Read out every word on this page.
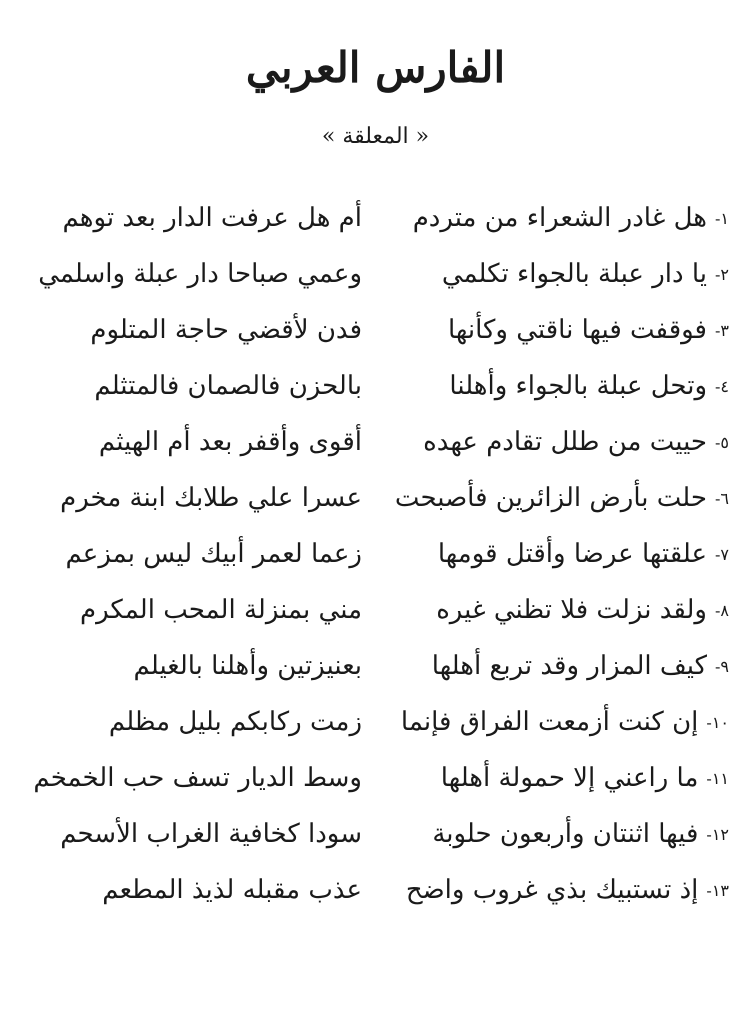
الفارس العربي
« المعلقة »
١-هل غادر الشعراء من متردم
أم هل عرفت الدار بعد توهم
٢-يا دار عبلة بالجواء تكلمي
وعمي صباحا دار عبلة واسلمي
٣-فوقفت فيها ناقتي وكأنها
فدن لأقضي حاجة المتلوم
٤-وتحل عبلة بالجواء وأهلنا
بالحزن فالصمان فالمتثلم
٥-حييت من طلل تقادم عهده
أقوى وأقفر بعد أم الهيثم
٦-حلت بأرض الزائرين فأصبحت
عسرا علي طلابك ابنة مخرم
٧-علقتها عرضا وأقتل قومها
زعما لعمر أبيك ليس بمزعم
٨-ولقد نزلت فلا تظني غيره
مني بمنزلة المحب المكرم
٩-كيف المزار وقد تربع أهلها
بعنيزتين وأهلنا بالغيلم
١٠-إن كنت أزمعت الفراق فإنما
زمت ركابكم بليل مظلم
١١-ما راعني إلا حمولة أهلها
وسط الديار تسف حب الخمخم
١٢-فيها اثنتان وأربعون حلوبة
سودا كخافية الغراب الأسحم
١٣-إذ تستبيك بذي غروب واضح
عذب مقبله لذيذ المطعم
